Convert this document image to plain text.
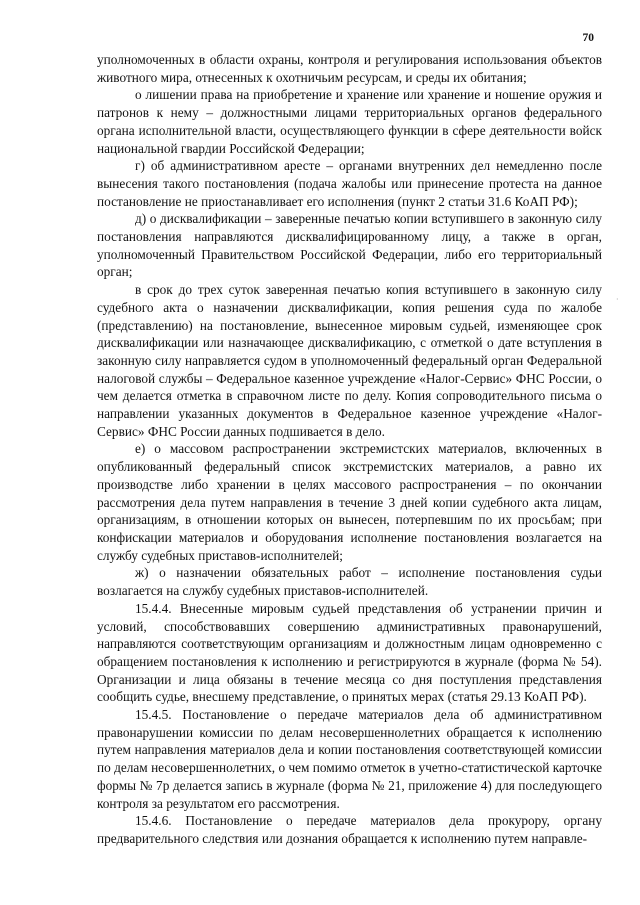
70

уполномоченных в области охраны, контроля и регулирования использования объектов животного мира, отнесенных к охотничьим ресурсам, и среды их обитания;

о лишении права на приобретение и хранение или хранение и ношение оружия и патронов к нему – должностными лицами территориальных органов федерального органа исполнительной власти, осуществляющего функции в сфере деятельности войск национальной гвардии Российской Федерации;

г) об административном аресте – органами внутренних дел немедленно после вынесения такого постановления (подача жалобы или принесение протеста на данное постановление не приостанавливает его исполнения (пункт 2 статьи 31.6 КоАП РФ);

д) о дисквалификации – заверенные печатью копии вступившего в законную силу постановления направляются дисквалифицированному лицу, а также в орган, уполномоченный Правительством Российской Федерации, либо его территориальный орган;

в срок до трех суток заверенная печатью копия вступившего в законную силу судебного акта о назначении дисквалификации, копия решения суда по жалобе (представлению) на постановление, вынесенное мировым судьей, изменяющее срок дисквалификации или назначающее дисквалификацию, с отметкой о дате вступления в законную силу направляется судом в уполномоченный федеральный орган Федеральной налоговой службы – Федеральное казенное учреждение «Налог-Сервис» ФНС России, о чем делается отметка в справочном листе по делу. Копия сопроводительного письма о направлении указанных документов в Федеральное казенное учреждение «Налог-Сервис» ФНС России данных подшивается в дело.

е) о массовом распространении экстремистских материалов, включенных в опубликованный федеральный список экстремистских материалов, а равно их производстве либо хранении в целях массового распространения – по окончании рассмотрения дела путем направления в течение 3 дней копии судебного акта лицам, организациям, в отношении которых он вынесен, потерпевшим по их просьбам; при конфискации материалов и оборудования исполнение постановления возлагается на службу судебных приставов-исполнителей;

ж) о назначении обязательных работ – исполнение постановления судьи возлагается на службу судебных приставов-исполнителей.

15.4.4. Внесенные мировым судьей представления об устранении причин и условий, способствовавших совершению административных правонарушений, направляются соответствующим организациям и должностным лицам одновременно с обращением постановления к исполнению и регистрируются в журнале (форма № 54). Организации и лица обязаны в течение месяца со дня поступления представления сообщить судье, внесшему представление, о принятых мерах (статья 29.13 КоАП РФ).

15.4.5. Постановление о передаче материалов дела об административном правонарушении комиссии по делам несовершеннолетних обращается к исполнению путем направления материалов дела и копии постановления соответствующей комиссии по делам несовершеннолетних, о чем помимо отметок в учетно-статистической карточке формы № 7р делается запись в журнале (форма № 21, приложение 4) для последующего контроля за результатом его рассмотрения.

15.4.6. Постановление о передаче материалов дела прокурору, органу предварительного следствия или дознания обращается к исполнению путем направле-

·
